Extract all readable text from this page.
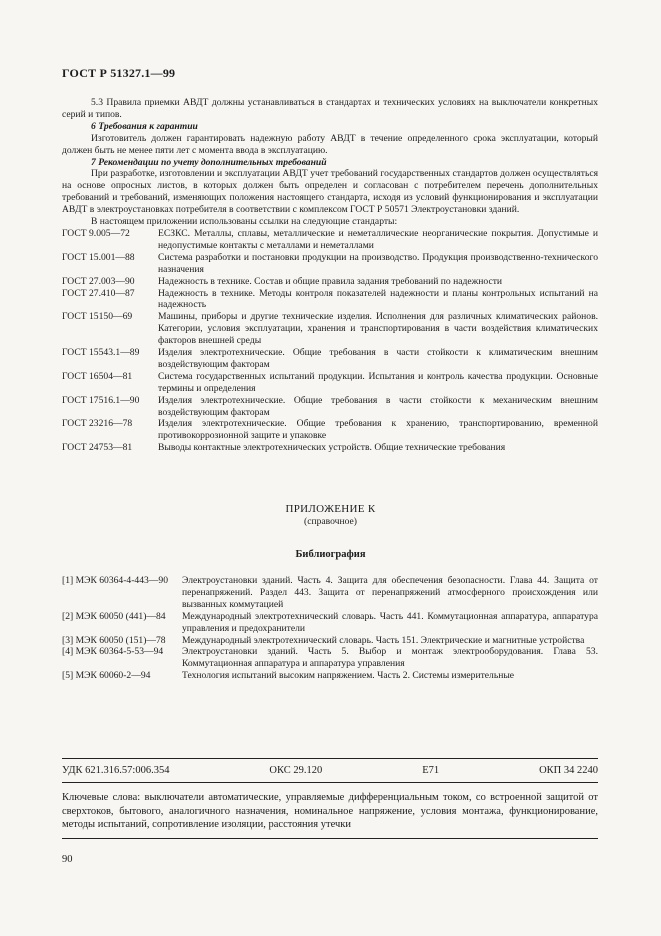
ГОСТ Р 51327.1—99

5.3 Правила приемки АВДТ должны устанавливаться в стандартах и технических условиях на выключатели конкретных серий и типов.

6 Требования к гарантии

Изготовитель должен гарантировать надежную работу АВДТ в течение определенного срока эксплуатации, который должен быть не менее пяти лет с момента ввода в эксплуатацию.

7 Рекомендации по учету дополнительных требований

При разработке, изготовлении и эксплуатации АВДТ учет требований государственных стандартов должен осуществляться на основе опросных листов, в которых должен быть определен и согласован с потребителем перечень дополнительных требований и требований, изменяющих положения настоящего стандарта, исходя из условий функционирования и эксплуатации АВДТ в электроустановках потребителя в соответствии с комплексом ГОСТ Р 50571 Электроустановки зданий.

В настоящем приложении использованы ссылки на следующие стандарты:

ГОСТ 9.005—72	ЕСЗКС. Металлы, сплавы, металлические и неметаллические неорганические покрытия. Допустимые и недопустимые контакты с металлами и неметаллами
ГОСТ 15.001—88	Система разработки и постановки продукции на производство. Продукция производственно-технического назначения
ГОСТ 27.003—90	Надежность в технике. Состав и общие правила задания требований по надежности
ГОСТ 27.410—87	Надежность в технике. Методы контроля показателей надежности и планы контрольных испытаний на надежность
ГОСТ 15150—69	Машины, приборы и другие технические изделия. Исполнения для различных климатических районов. Категории, условия эксплуатации, хранения и транспортирования в части воздействия климатических факторов внешней среды
ГОСТ 15543.1—89	Изделия электротехнические. Общие требования в части стойкости к климатическим внешним воздействующим факторам
ГОСТ 16504—81	Система государственных испытаний продукции. Испытания и контроль качества продукции. Основные термины и определения
ГОСТ 17516.1—90	Изделия электротехнические. Общие требования в части стойкости к механическим внешним воздействующим факторам
ГОСТ 23216—78	Изделия электротехнические. Общие требования к хранению, транспортированию, временной противокоррозионной защите и упаковке
ГОСТ 24753—81	Выводы контактные электротехнических устройств. Общие технические требования
ПРИЛОЖЕНИЕ К
(справочное)
Библиография
[1] МЭК 60364-4-443—90	Электроустановки зданий. Часть 4. Защита для обеспечения безопасности. Глава 44. Защита от перенапряжений. Раздел 443. Защита от перенапряжений атмосферного происхождения или вызванных коммутацией
[2] МЭК 60050 (441)—84	Международный электротехнический словарь. Часть 441. Коммутационная аппаратура, аппаратура управления и предохранители
[3] МЭК 60050 (151)—78	Международный электротехнический словарь. Часть 151. Электрические и магнитные устройства
[4] МЭК 60364-5-53—94	Электроустановки зданий. Часть 5. Выбор и монтаж электрооборудования. Глава 53. Коммутационная аппаратура и аппаратура управления
[5] МЭК 60060-2—94	Технология испытаний высоким напряжением. Часть 2. Системы измерительные
УДК 621.316.57:006.354	ОКС 29.120	Е71	ОКП 34 2240
Ключевые слова: выключатели автоматические, управляемые дифференциальным током, со встроенной защитой от сверхтоков, бытового, аналогичного назначения, номинальное напряжение, условия монтажа, функционирование, методы испытаний, сопротивление изоляции, расстояния утечки
90
